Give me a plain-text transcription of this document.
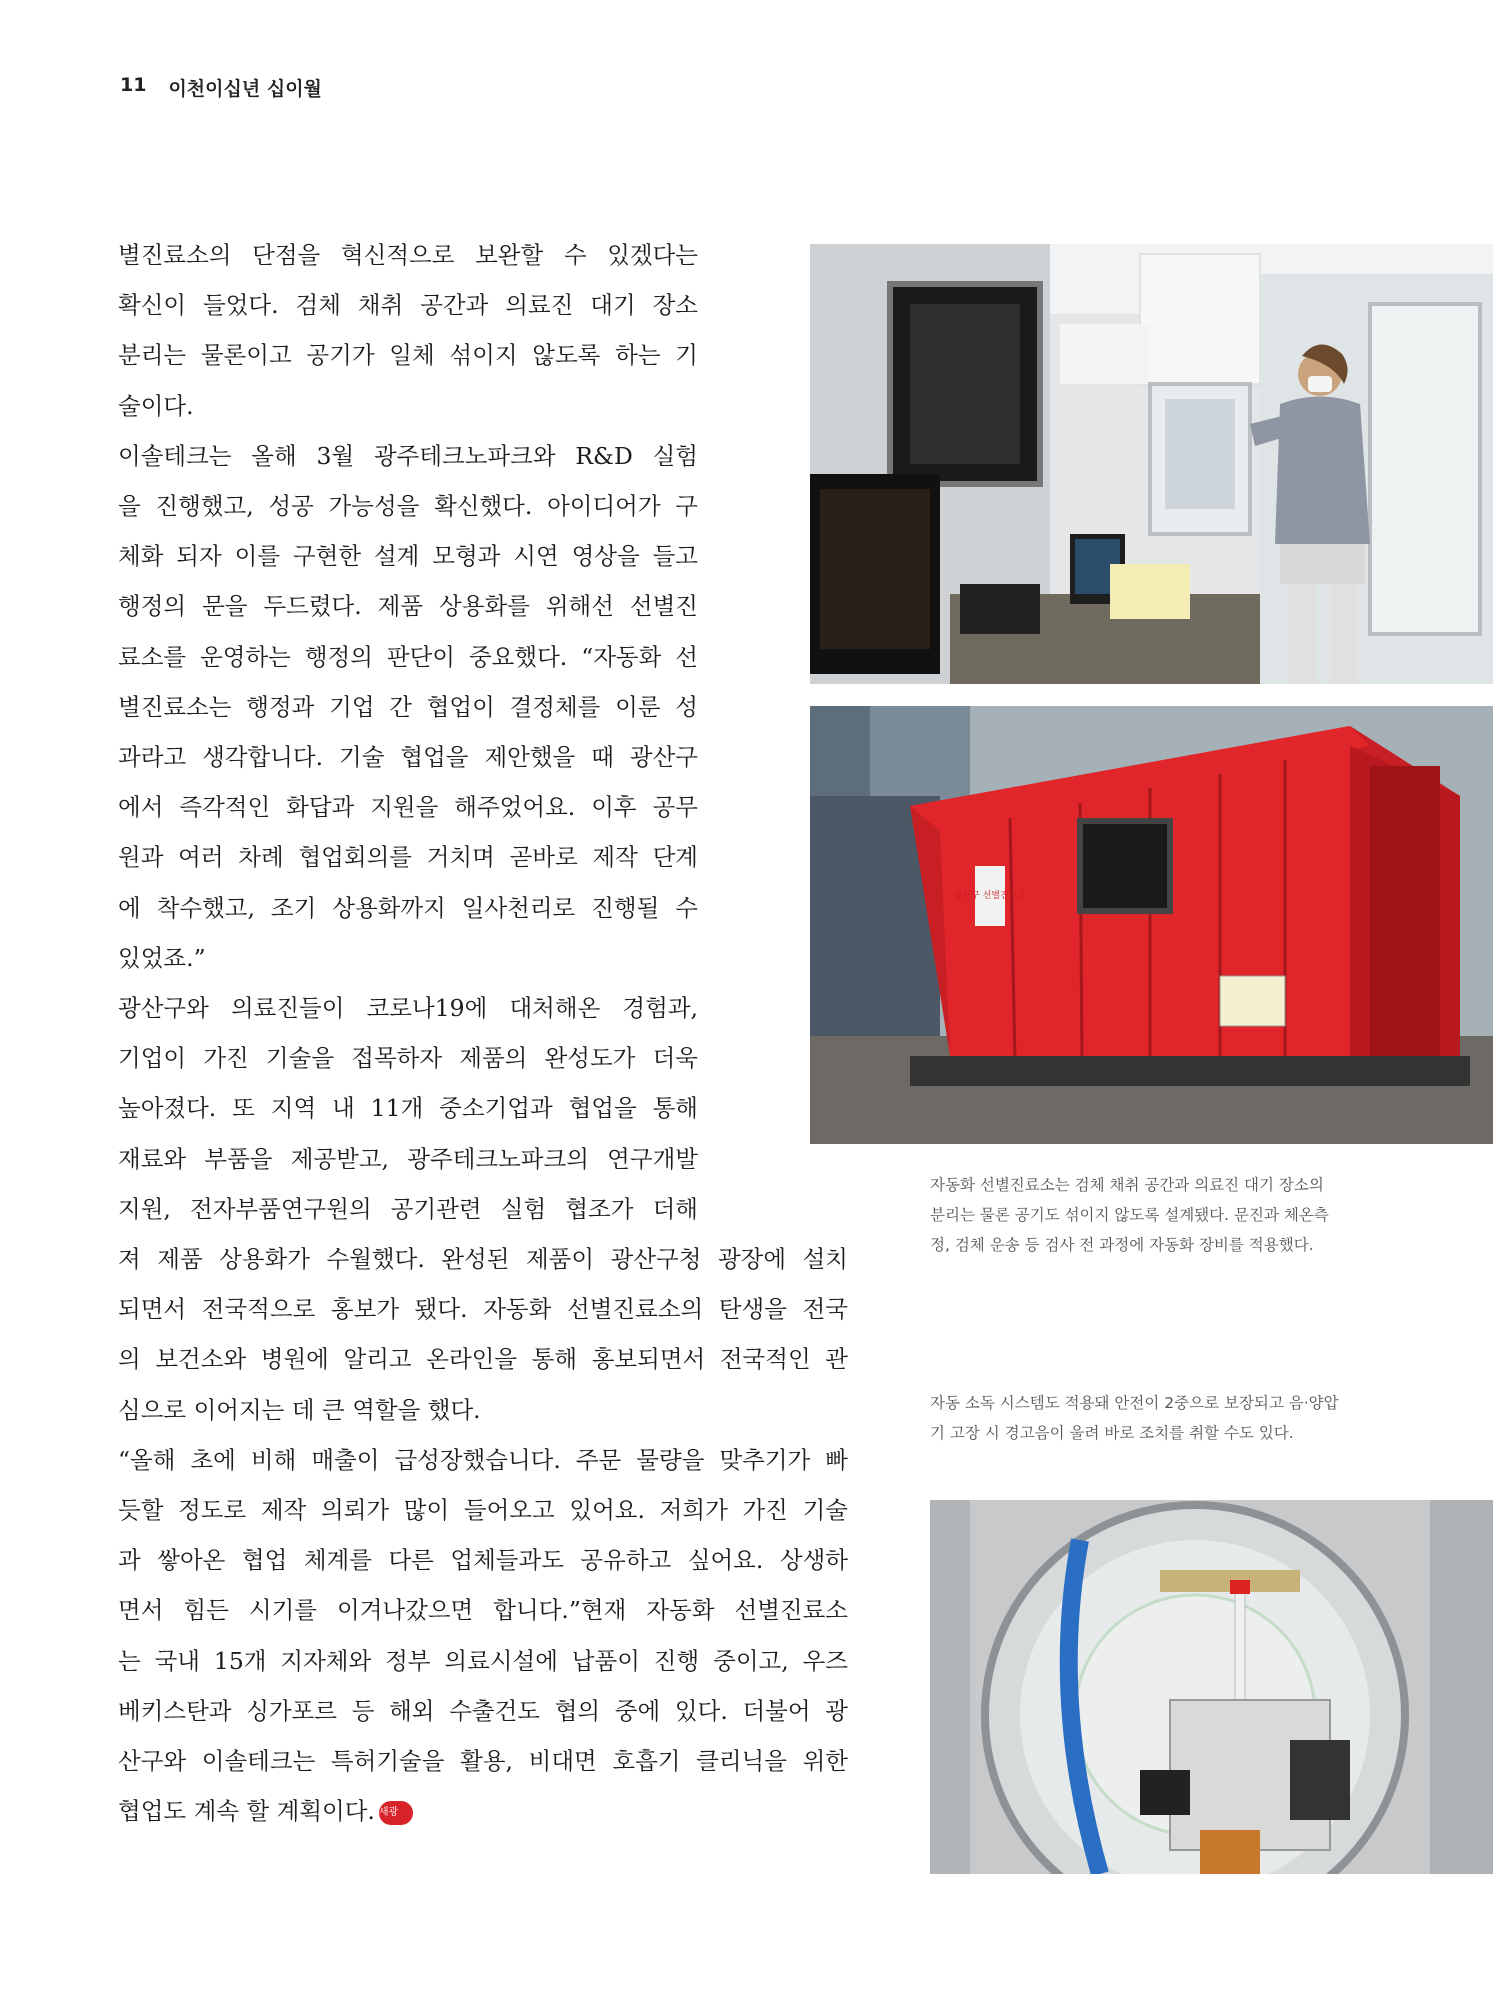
11 이천이십년 십이월
별진료소의 단점을 혁신적으로 보완할 수 있겠다는
확신이 들었다. 검체 채취 공간과 의료진 대기 장소
분리는 물론이고 공기가 일체 섞이지 않도록 하는 기
술이다.
이솔테크는 올해 3월 광주테크노파크와 R&D 실험
을 진행했고, 성공 가능성을 확신했다. 아이디어가 구
체화 되자 이를 구현한 설계 모형과 시연 영상을 들고
행정의 문을 두드렸다. 제품 상용화를 위해선 선별진
료소를 운영하는 행정의 판단이 중요했다. “자동화 선
별진료소는 행정과 기업 간 협업이 결정체를 이룬 성
과라고 생각합니다. 기술 협업을 제안했을 때 광산구
에서 즉각적인 화답과 지원을 해주었어요. 이후 공무
원과 여러 차례 협업회의를 거치며 곧바로 제작 단계
에 착수했고, 조기 상용화까지 일사천리로 진행될 수
있었죠.”
광산구와 의료진들이 코로나19에 대처해온 경험과,
기업이 가진 기술을 접목하자 제품의 완성도가 더욱
높아졌다. 또 지역 내 11개 중소기업과 협업을 통해
재료와 부품을 제공받고, 광주테크노파크의 연구개발
지원, 전자부품연구원의 공기관련 실험 협조가 더해
져 제품 상용화가 수월했다. 완성된 제품이 광산구청 광장에 설치
되면서 전국적으로 홍보가 됐다. 자동화 선별진료소의 탄생을 전국
의 보건소와 병원에 알리고 온라인을 통해 홍보되면서 전국적인 관
심으로 이어지는 데 큰 역할을 했다.
“올해 초에 비해 매출이 급성장했습니다. 주문 물량을 맞추기가 빠
듯할 정도로 제작 의뢰가 많이 들어오고 있어요. 저희가 가진 기술
과 쌓아온 협업 체계를 다른 업체들과도 공유하고 싶어요. 상생하
면서 힘든 시기를 이겨나갔으면 합니다.”현재 자동화 선별진료소
는 국내 15개 지자체와 정부 의료시설에 납품이 진행 중이고, 우즈
베키스탄과 싱가포르 등 해외 수출건도 협의 중에 있다. 더불어 광
산구와 이솔테크는 특허기술을 활용, 비대면 호흡기 클리닉을 위한
협업도 계속 할 계획이다. 새광
광산구 선별진료소
자동화 선별진료소는 검체 채취 공간과 의료진 대기 장소의
분리는 물론 공기도 섞이지 않도록 설계됐다. 문진과 체온측
정, 검체 운송 등 검사 전 과정에 자동화 장비를 적용했다.
자동 소독 시스템도 적용돼 안전이 2중으로 보장되고 음·양압
기 고장 시 경고음이 울려 바로 조치를 취할 수도 있다.
